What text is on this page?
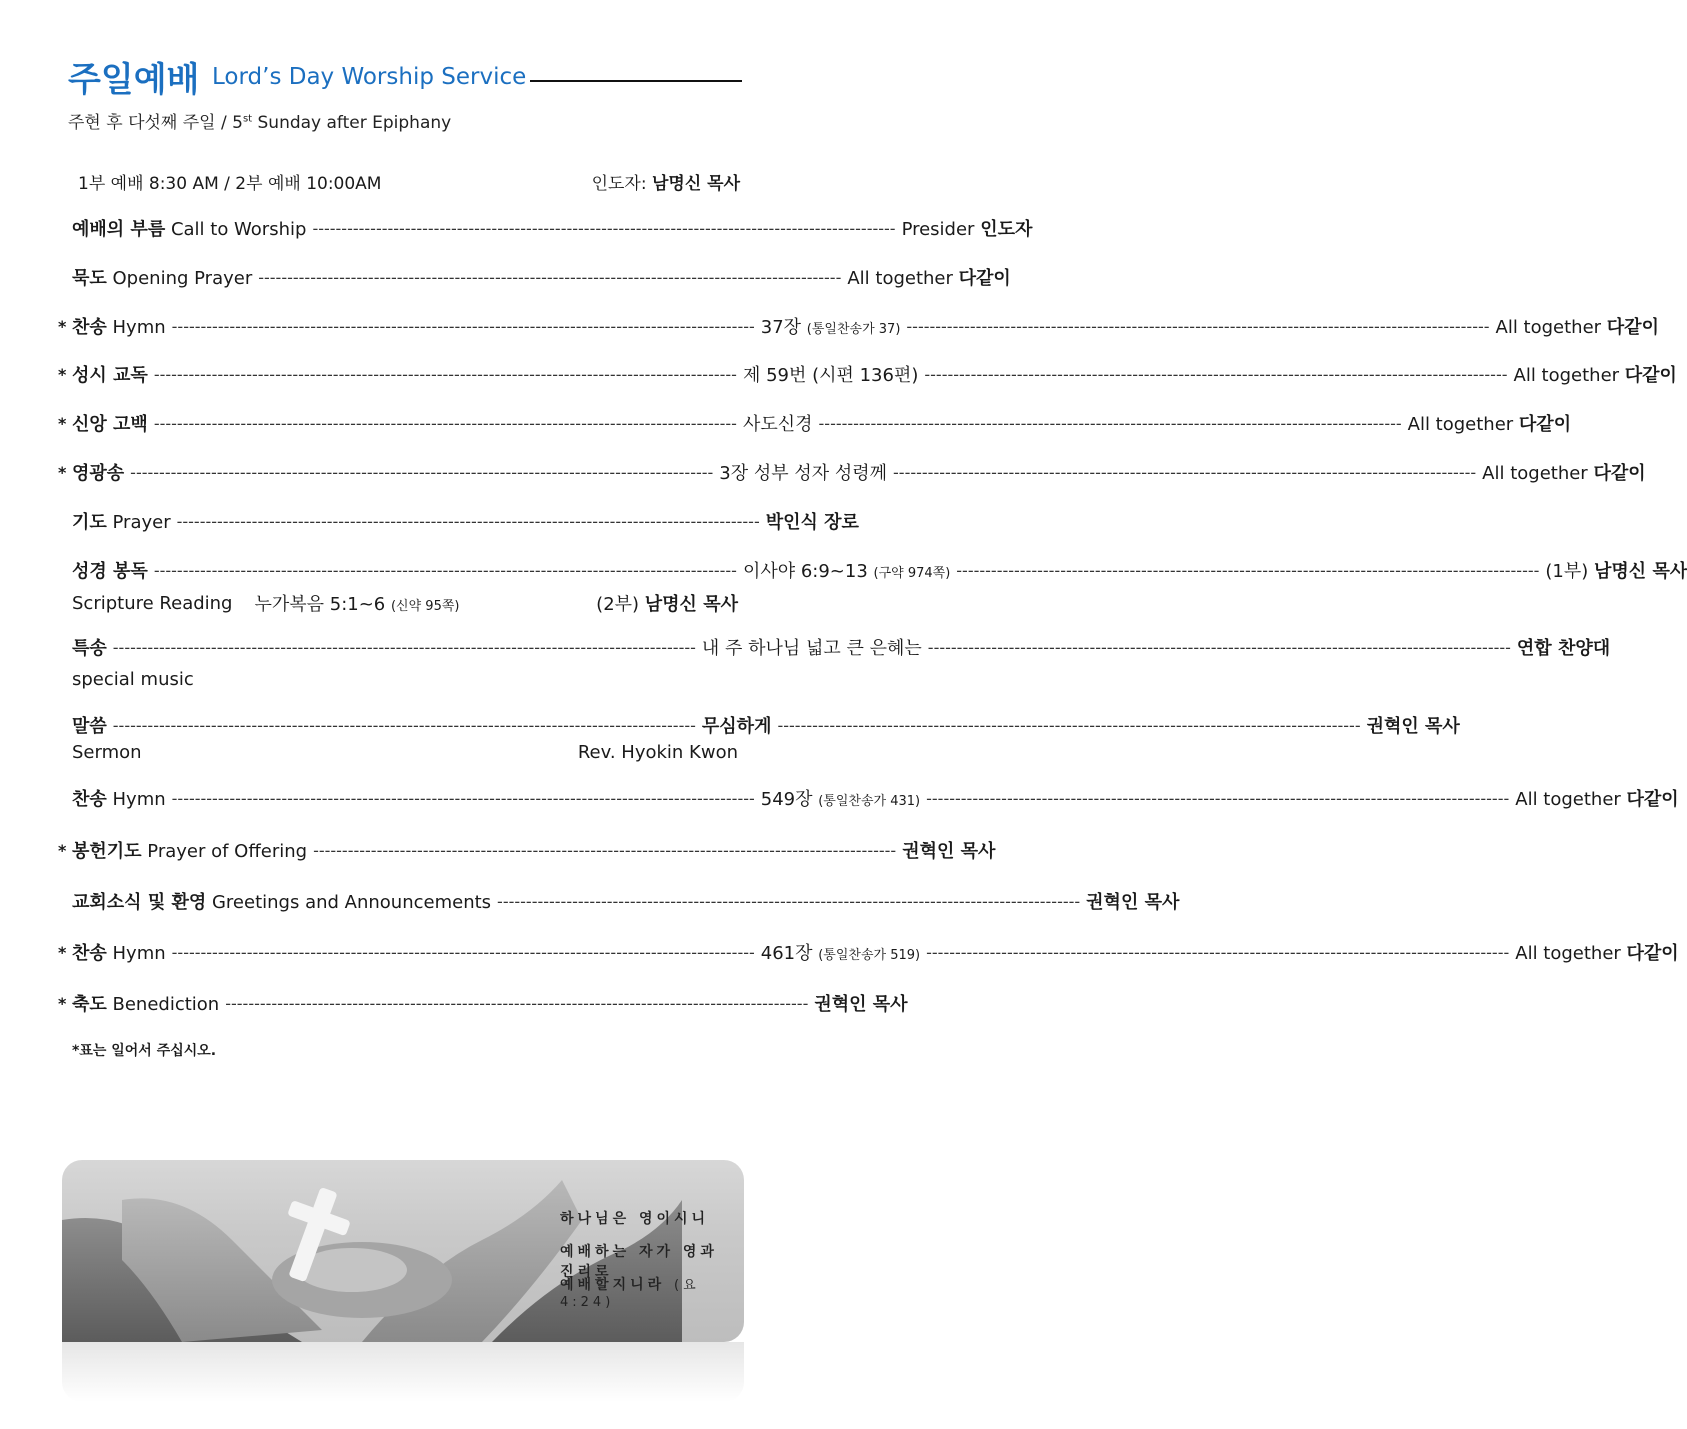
주일예배 Lord’s Day Worship Service
주현 후 다섯째 주일 / 5st Sunday after Epiphany
1부 예배 8:30 AM / 2부 예배 10:00AM	인도자: 남명신 목사
예배의 부름 Call to Worship ----------------------------------------------------------------------------------------------------- Presider 인도자
묵도 Opening Prayer ----------------------------------------------------------------------------------------------------- All together 다같이
* 찬송 Hymn ----------------------------------------------------------------------------------------------------- 37장 (통일찬송가 37) ----------------------------------------------------------------------------------------------------- All together 다같이
* 성시 교독 ----------------------------------------------------------------------------------------------------- 제 59번 (시편 136편) ----------------------------------------------------------------------------------------------------- All together 다같이
* 신앙 고백 ----------------------------------------------------------------------------------------------------- 사도신경 ----------------------------------------------------------------------------------------------------- All together 다같이
* 영광송 ----------------------------------------------------------------------------------------------------- 3장 성부 성자 성령께 ----------------------------------------------------------------------------------------------------- All together 다같이
기도 Prayer ----------------------------------------------------------------------------------------------------- 박인식 장로
성경 봉독 ----------------------------------------------------------------------------------------------------- 이사야 6:9~13 (구약 974쪽) ----------------------------------------------------------------------------------------------------- (1부) 남명신 목사
Scripture Reading	누가복음 5:1~6 (신약 95쪽)	(2부) 남명신 목사
특송 ----------------------------------------------------------------------------------------------------- 내 주 하나님 넓고 큰 은혜는 ----------------------------------------------------------------------------------------------------- 연합 찬양대
special music
말씀 ----------------------------------------------------------------------------------------------------- 무심하게 ----------------------------------------------------------------------------------------------------- 권혁인 목사
Sermon	Rev. Hyokin Kwon
찬송 Hymn ----------------------------------------------------------------------------------------------------- 549장 (통일찬송가 431) ----------------------------------------------------------------------------------------------------- All together 다같이
* 봉헌기도 Prayer of Offering ----------------------------------------------------------------------------------------------------- 권혁인 목사
교회소식 및 환영 Greetings and Announcements ----------------------------------------------------------------------------------------------------- 권혁인 목사
* 찬송 Hymn ----------------------------------------------------------------------------------------------------- 461장 (통일찬송가 519) ----------------------------------------------------------------------------------------------------- All together 다같이
* 축도 Benediction ----------------------------------------------------------------------------------------------------- 권혁인 목사
*표는 일어서 주십시오.
하나님은 영이시니
예배하는 자가 영과 진리로
예배할지니라 (요4:24)
